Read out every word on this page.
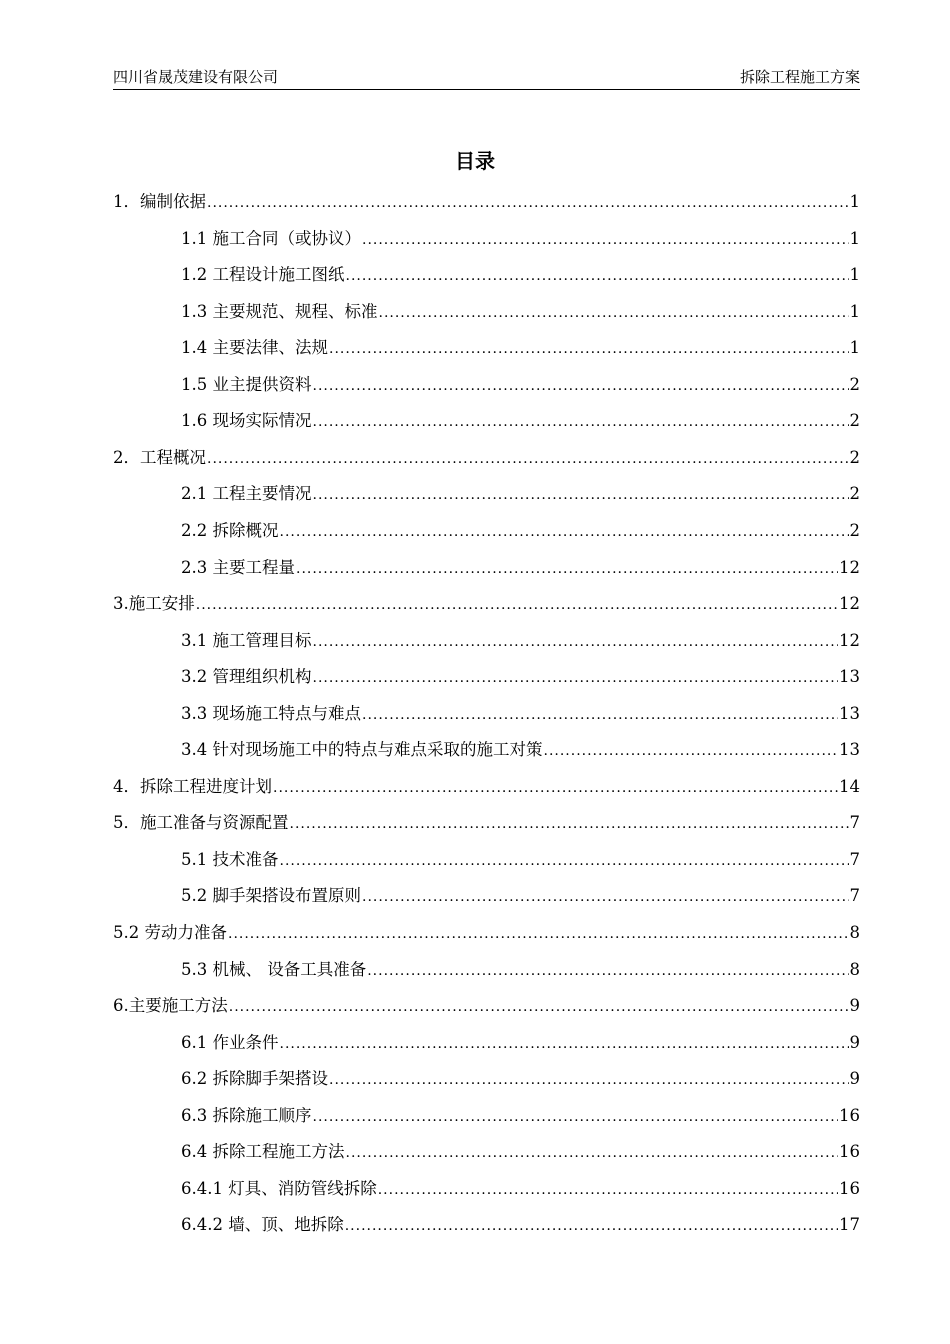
四川省晟茂建设有限公司	拆除工程施工方案
目录
1．编制依据 .....	1
1.1 施工合同（或协议） .....	1
1.2 工程设计施工图纸 .....	1
1.3 主要规范、规程、标准 .....	1
1.4 主要法律、法规 .....	1
1.5 业主提供资料 .....	2
1.6 现场实际情况 .....	2
2．工程概况 .....	2
2.1 工程主要情况 .....	2
2.2 拆除概况 .....	2
2.3 主要工程量 .....	12
3.施工安排 .....	12
3.1 施工管理目标 .....	12
3.2 管理组织机构 .....	13
3.3 现场施工特点与难点 .....	13
3.4 针对现场施工中的特点与难点采取的施工对策 .....	13
4．拆除工程进度计划 .....	14
5．施工准备与资源配置 .....	7
5.1 技术准备 .....	7
5.2 脚手架搭设布置原则 .....	7
5.2 劳动力准备 .....	8
5.3 机械、 设备工具准备 .....	8
6.主要施工方法 .....	9
6.1 作业条件 .....	9
6.2 拆除脚手架搭设 .....	9
6.3 拆除施工顺序 .....	16
6.4 拆除工程施工方法 .....	16
6.4.1 灯具、消防管线拆除 .....	16
6.4.2 墙、顶、地拆除 .....	17
